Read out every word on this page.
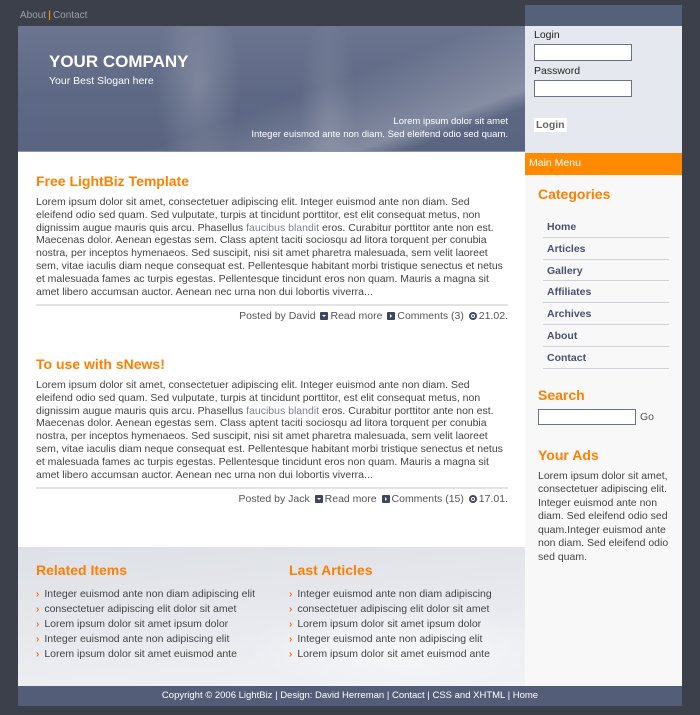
About | Contact
YOUR COMPANY
Your Best Slogan here
Lorem ipsum dolor sit amet
Integer euismod ante non diam. Sed eleifend odio sed quam.
Login
Password
Login
Main Menu
Categories
Home
Articles
Gallery
Affiliates
Archives
About
Contact
Search
Go
Your Ads
Lorem ipsum dolor sit amet, consectetuer adipiscing elit. Integer euismod ante non diam. Sed eleifend odio sed quam.Integer euismod ante non diam. Sed eleifend odio sed quam.
Free LightBiz Template

Lorem ipsum dolor sit amet, consectetuer adipiscing elit. Integer euismod ante non diam. Sed eleifend odio sed quam. Sed vulputate, turpis at tincidunt porttitor, est elit consequat metus, non dignissim augue mauris quis arcu. Phasellus faucibus blandit eros. Curabitur porttitor ante non est. Maecenas dolor. Aenean egestas sem. Class aptent taciti sociosqu ad litora torquent per conubia nostra, per inceptos hymenaeos. Sed suscipit, nisi sit amet pharetra malesuada, sem velit laoreet sem, vitae iaculis diam neque consequat est. Pellentesque habitant morbi tristique senectus et netus et malesuada fames ac turpis egestas. Pellentesque tincidunt eros non quam. Mauris a magna sit amet libero accumsan auctor. Aenean nec urna non dui lobortis viverra...

Posted by David Read more Comments (3) 21.02.
To use with sNews!

Lorem ipsum dolor sit amet, consectetuer adipiscing elit. Integer euismod ante non diam. Sed eleifend odio sed quam. Sed vulputate, turpis at tincidunt porttitor, est elit consequat metus, non dignissim augue mauris quis arcu. Phasellus faucibus blandit eros. Curabitur porttitor ante non est. Maecenas dolor. Aenean egestas sem. Class aptent taciti sociosqu ad litora torquent per conubia nostra, per inceptos hymenaeos. Sed suscipit, nisi sit amet pharetra malesuada, sem velit laoreet sem, vitae iaculis diam neque consequat est. Pellentesque habitant morbi tristique senectus et netus et malesuada fames ac turpis egestas. Pellentesque tincidunt eros non quam. Mauris a magna sit amet libero accumsan auctor. Aenean nec urna non dui lobortis viverra...

Posted by Jack Read more Comments (15) 17.01.
Related Items
› Integer euismod ante non diam adipiscing elit
› consectetuer adipiscing elit dolor sit amet
› Lorem ipsum dolor sit amet ipsum dolor
› Integer euismod ante non adipiscing elit
› Lorem ipsum dolor sit amet euismod ante
Last Articles
› Integer euismod ante non diam adipiscing
› consectetuer adipiscing elit dolor sit amet
› Lorem ipsum dolor sit amet ipsum dolor
› Integer euismod ante non adipiscing elit
› Lorem ipsum dolor sit amet euismod ante
Copyright © 2006 LightBiz | Design: David Herreman | Contact | CSS and XHTML | Home
